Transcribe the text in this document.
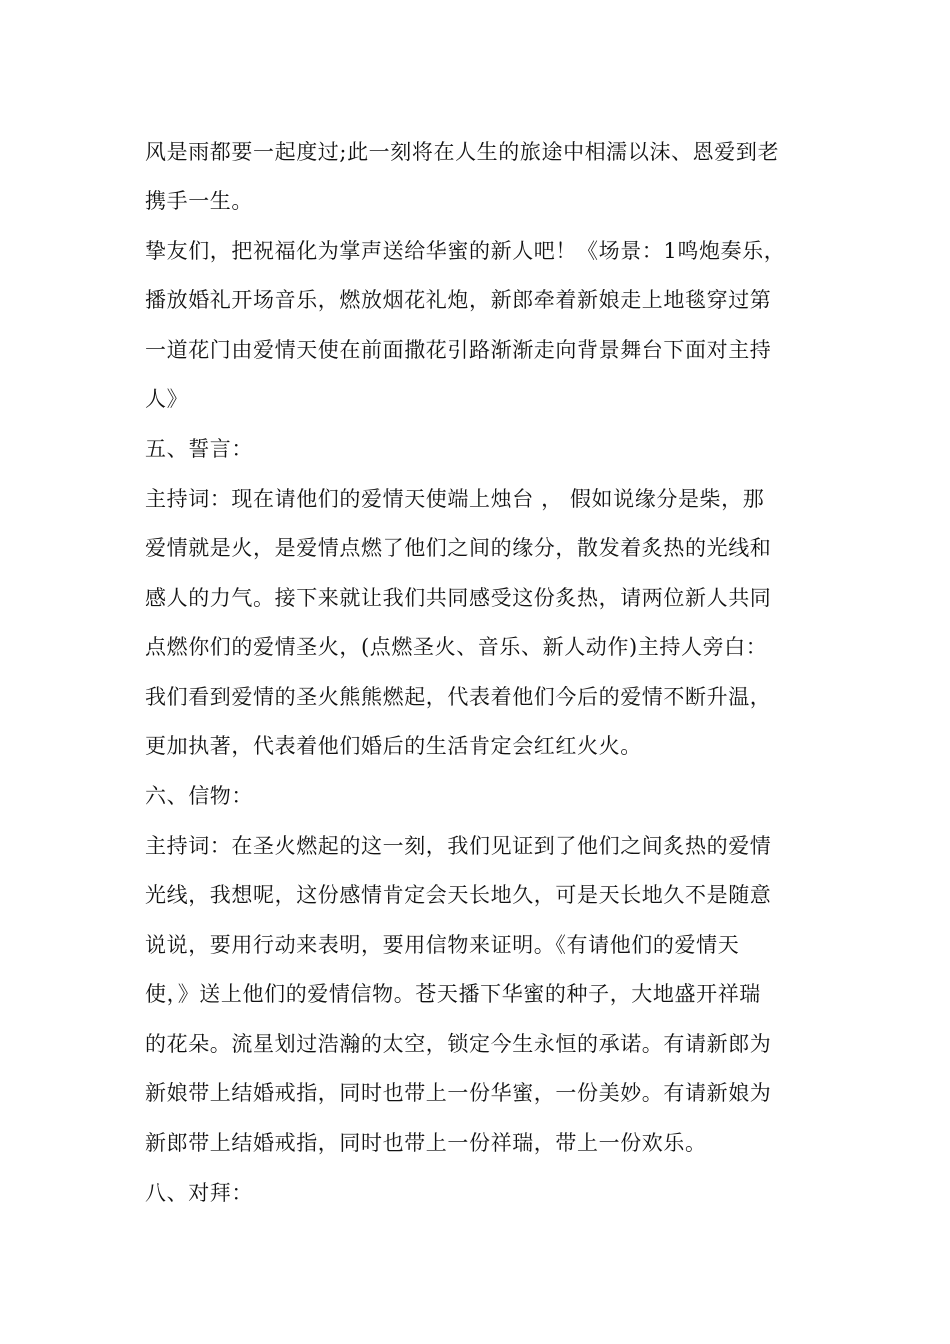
风是雨都要一起度过;此一刻将在人生的旅途中相濡以沫、恩爱到老
携手一生。
挚友们，把祝福化为掌声送给华蜜的新人吧！《场景：1鸣炮奏乐，
播放婚礼开场音乐，燃放烟花礼炮，新郎牵着新娘走上地毯穿过第
一道花门由爱情天使在前面撒花引路渐渐走向背景舞台下面对主持
人》
五、誓言：
主持词：现在请他们的爱情天使端上烛台 ， 假如说缘分是柴，那
爱情就是火，是爱情点燃了他们之间的缘分，散发着炙热的光线和
感人的力气。接下来就让我们共同感受这份炙热，请两位新人共同
点燃你们的爱情圣火，(点燃圣火、音乐、新人动作)主持人旁白：
我们看到爱情的圣火熊熊燃起，代表着他们今后的爱情不断升温，
更加执著，代表着他们婚后的生活肯定会红红火火。
六、信物：
主持词：在圣火燃起的这一刻，我们见证到了他们之间炙热的爱情
光线，我想呢，这份感情肯定会天长地久，可是天长地久不是随意
说说，要用行动来表明，要用信物来证明。《有请他们的爱情天
使，》送上他们的爱情信物。苍天播下华蜜的种子，大地盛开祥瑞
的花朵。流星划过浩瀚的太空，锁定今生永恒的承诺。有请新郎为
新娘带上结婚戒指，同时也带上一份华蜜，一份美妙。有请新娘为
新郎带上结婚戒指，同时也带上一份祥瑞，带上一份欢乐。
八、对拜：
